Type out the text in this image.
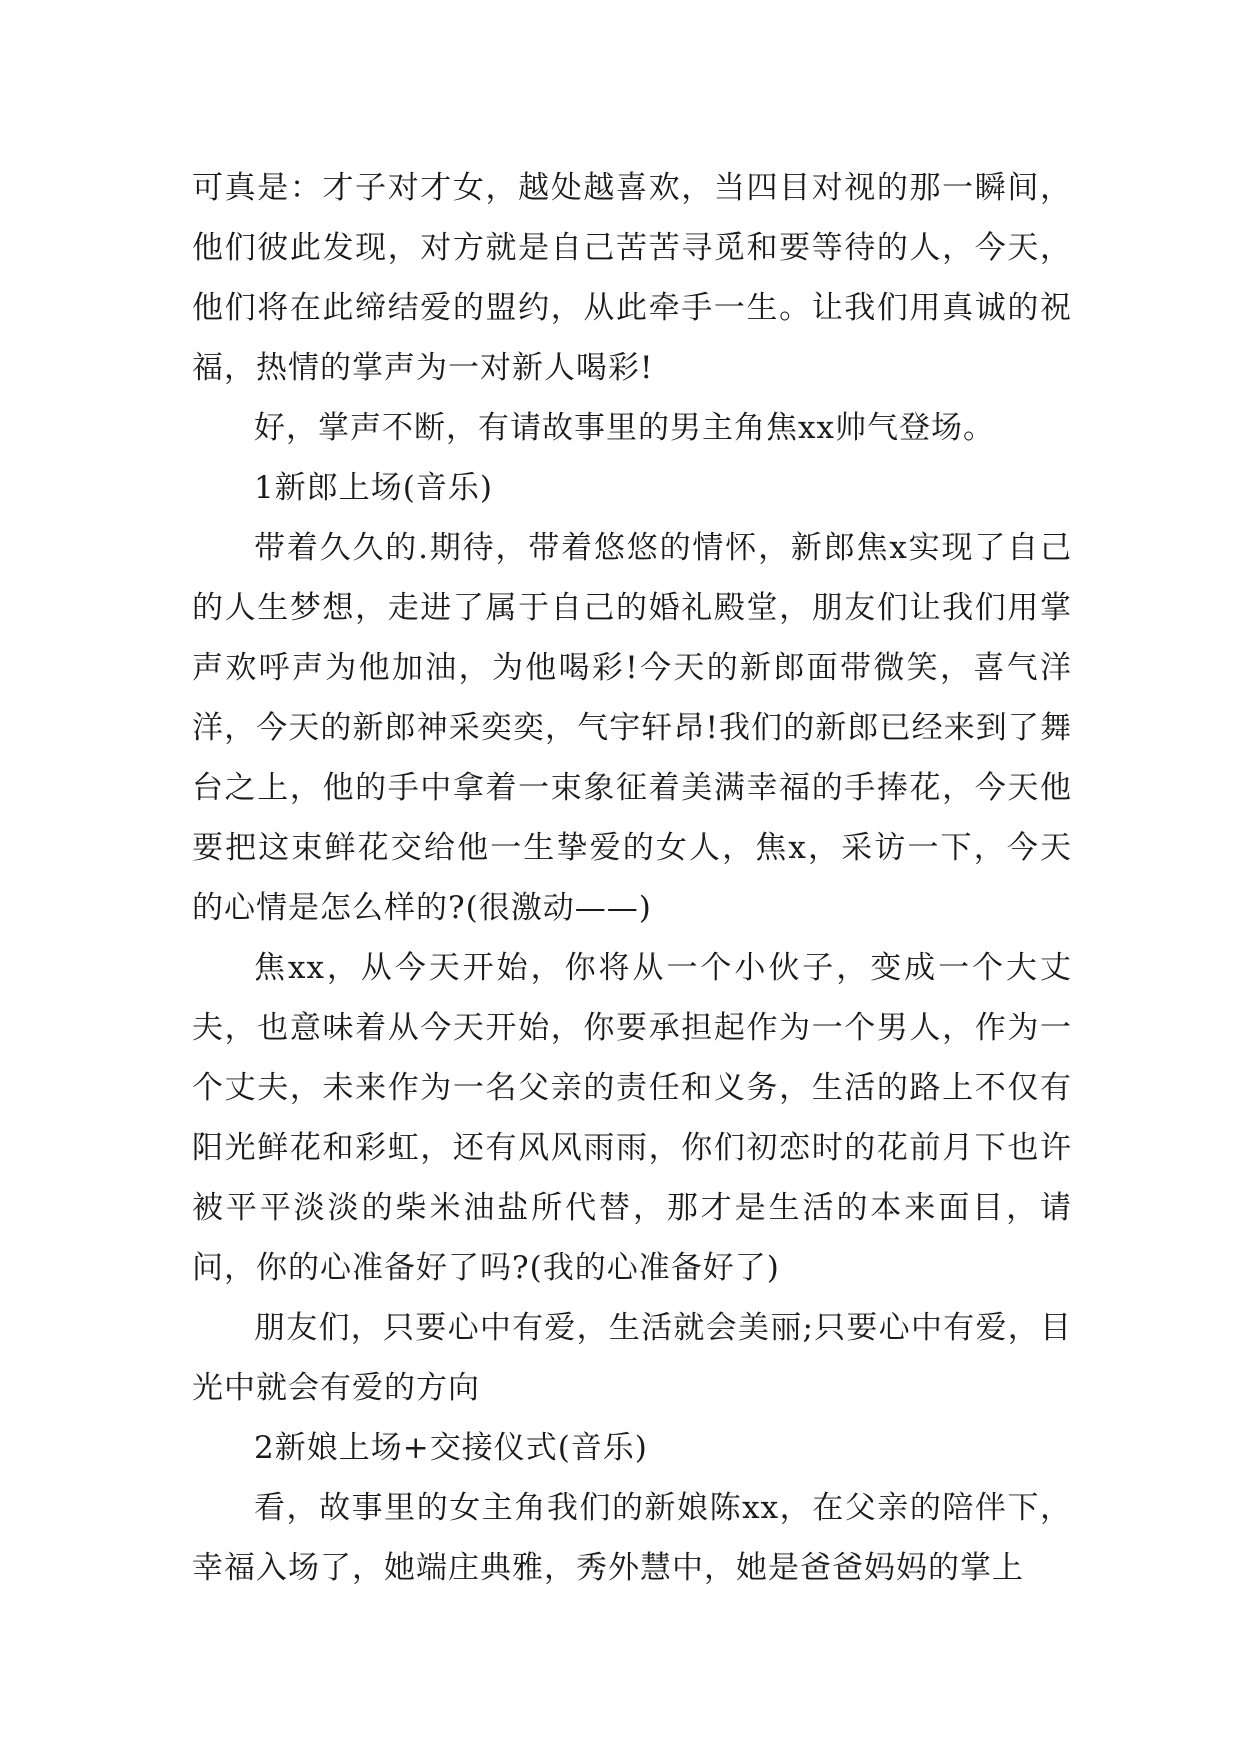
可真是：才子对才女，越处越喜欢，当四目对视的那一瞬间，他们彼此发现，对方就是自己苦苦寻觅和要等待的人，今天，他们将在此缔结爱的盟约，从此牵手一生。让我们用真诚的祝福，热情的掌声为一对新人喝彩!

好，掌声不断，有请故事里的男主角焦xx帅气登场。

1新郎上场(音乐)

带着久久的.期待，带着悠悠的情怀，新郎焦x实现了自己的人生梦想，走进了属于自己的婚礼殿堂，朋友们让我们用掌声欢呼声为他加油，为他喝彩!今天的新郎面带微笑，喜气洋洋，今天的新郎神采奕奕，气宇轩昂!我们的新郎已经来到了舞台之上，他的手中拿着一束象征着美满幸福的手捧花，今天他要把这束鲜花交给他一生挚爱的女人，焦x，采访一下，今天的心情是怎么样的?(很激动——)

焦xx，从今天开始，你将从一个小伙子，变成一个大丈夫，也意味着从今天开始，你要承担起作为一个男人，作为一个丈夫，未来作为一名父亲的责任和义务，生活的路上不仅有阳光鲜花和彩虹，还有风风雨雨，你们初恋时的花前月下也许被平平淡淡的柴米油盐所代替，那才是生活的本来面目，请问，你的心准备好了吗?(我的心准备好了)

朋友们，只要心中有爱，生活就会美丽;只要心中有爱，目光中就会有爱的方向

2新娘上场+交接仪式(音乐)

看，故事里的女主角我们的新娘陈xx，在父亲的陪伴下，幸福入场了，她端庄典雅，秀外慧中，她是爸爸妈妈的掌上
